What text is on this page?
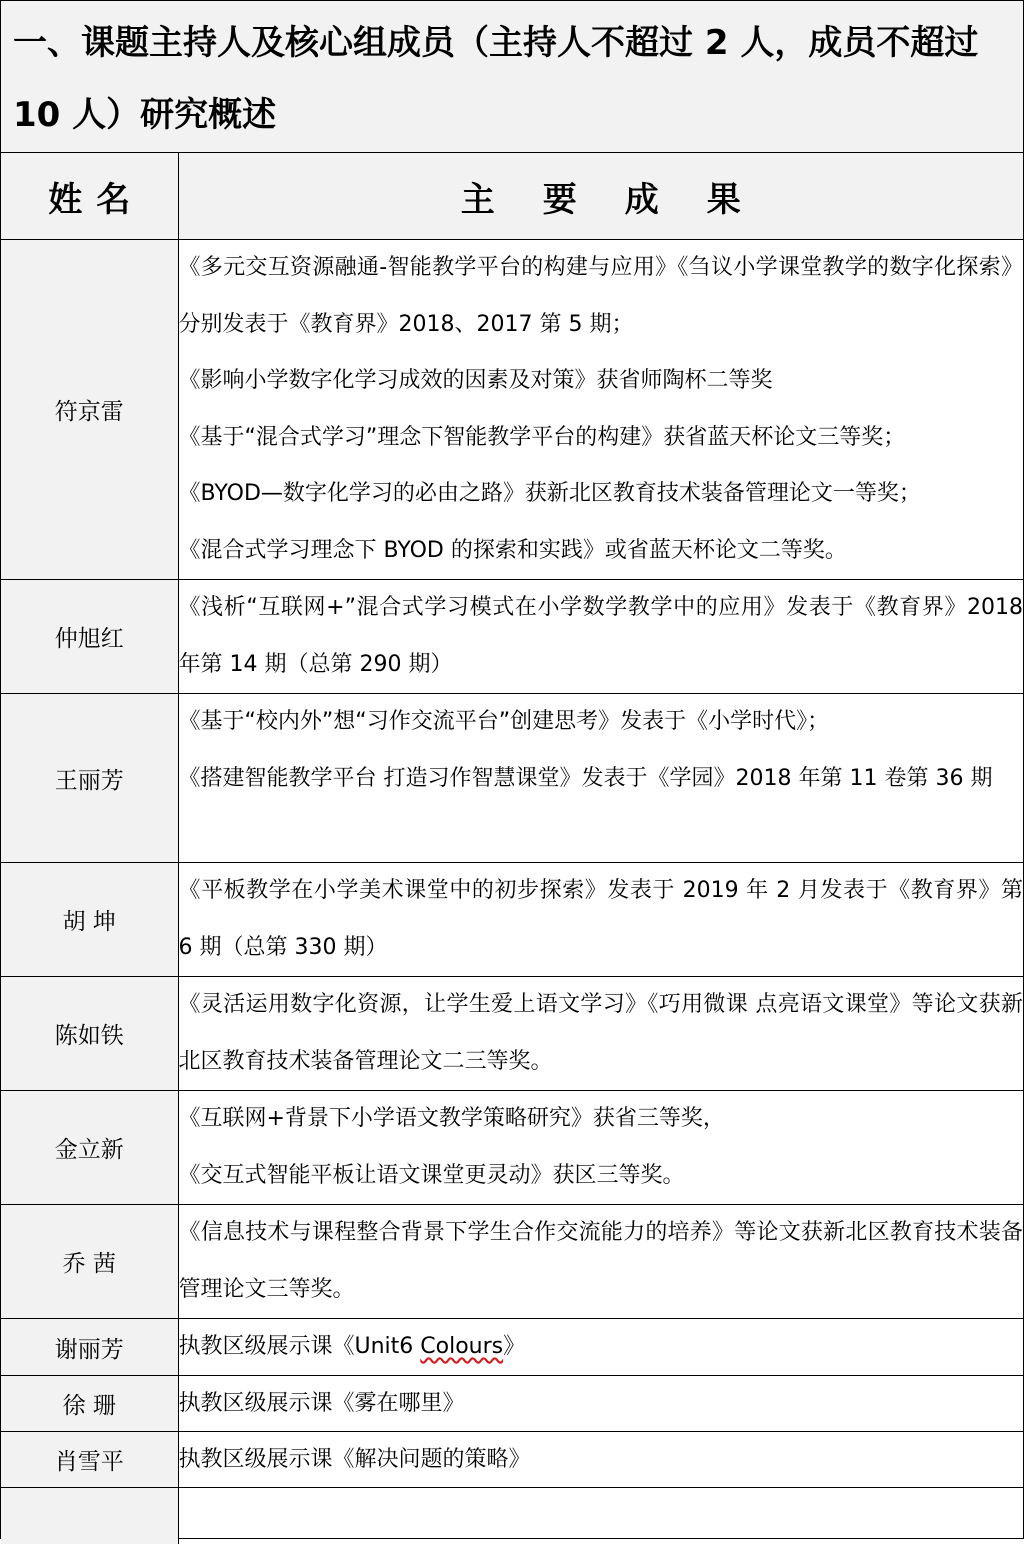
一、课题主持人及核心组成员（主持人不超过 2 人，成员不超过 10 人）研究概述
姓名	主要成果
符京雷	《多元交互资源融通-智能教学平台的构建与应用》《刍议小学课堂教学的数字化探索》分别发表于《教育界》2018、2017 第 5 期；
《影响小学数字化学习成效的因素及对策》获省师陶杯二等奖
《基于“混合式学习”理念下智能教学平台的构建》获省蓝天杯论文三等奖；
《BYOD—数字化学习的必由之路》获新北区教育技术装备管理论文一等奖；
《混合式学习理念下 BYOD 的探索和实践》或省蓝天杯论文二等奖。

仲旭红	《浅析“互联网+”混合式学习模式在小学数学教学中的应用》发表于《教育界》2018 年第 14 期（总第 290 期）

王丽芳	《基于“校内外”想“习作交流平台”创建思考》发表于《小学时代》；
《搭建智能教学平台 打造习作智慧课堂》发表于《学园》2018 年第 11 卷第 36 期

胡 坤	《平板教学在小学美术课堂中的初步探索》发表于 2019 年 2 月发表于《教育界》第 6 期（总第 330 期）

陈如铁	《灵活运用数字化资源，让学生爱上语文学习》《巧用微课 点亮语文课堂》等论文获新北区教育技术装备管理论文二三等奖。

金立新	《互联网+背景下小学语文教学策略研究》获省三等奖，
《交互式智能平板让语文课堂更灵动》获区三等奖。

乔 茜	《信息技术与课程整合背景下学生合作交流能力的培养》等论文获新北区教育技术装备管理论文三等奖。

谢丽芳	执教区级展示课《Unit6 Colours》
徐 珊	执教区级展示课《雾在哪里》
肖雪平	执教区级展示课《解决问题的策略》
